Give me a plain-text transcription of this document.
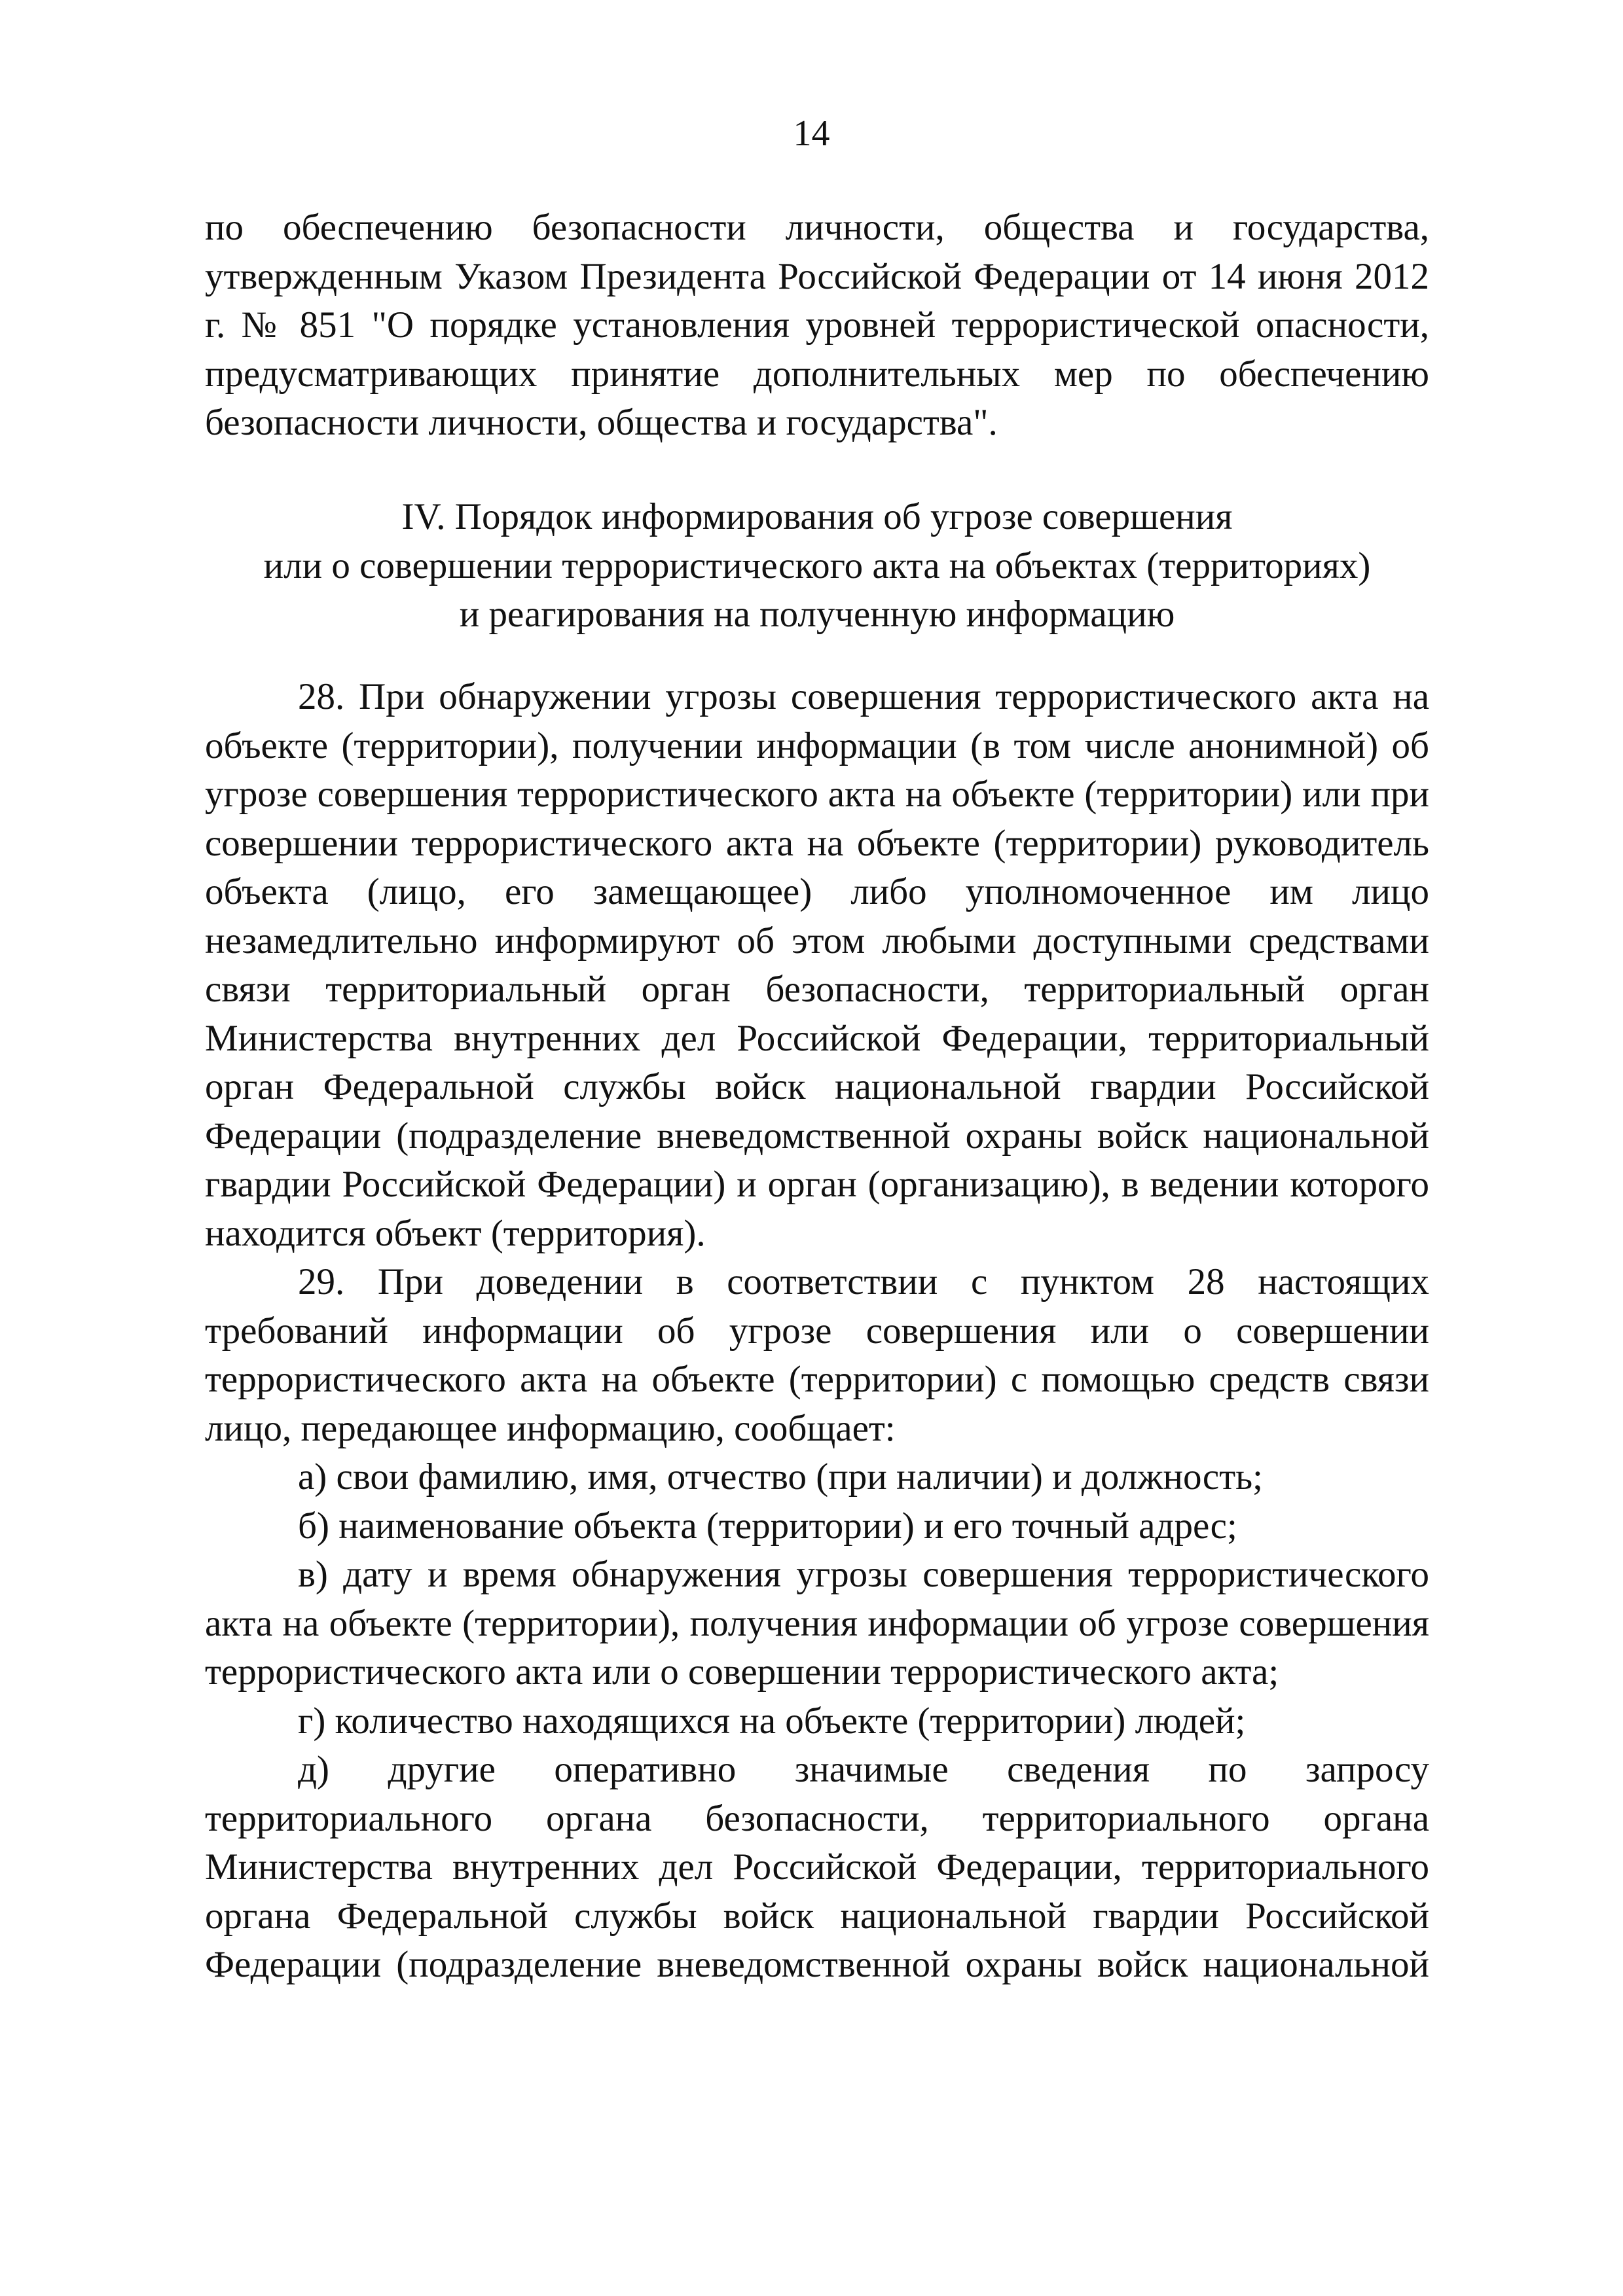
14

по обеспечению безопасности личности, общества и государства, утвержденным Указом Президента Российской Федерации от 14 июня 2012 г. № 851 "О порядке установления уровней террористической опасности, предусматривающих принятие дополнительных мер по обеспечению безопасности личности, общества и государства".

IV. Порядок информирования об угрозе совершения
или о совершении террористического акта на объектах (территориях)
и реагирования на полученную информацию

28. При обнаружении угрозы совершения террористического акта на объекте (территории), получении информации (в том числе анонимной) об угрозе совершения террористического акта на объекте (территории) или при совершении террористического акта на объекте (территории) руководитель объекта (лицо, его замещающее) либо уполномоченное им лицо незамедлительно информируют об этом любыми доступными средствами связи территориальный орган безопасности, территориальный орган Министерства внутренних дел Российской Федерации, территориальный орган Федеральной службы войск национальной гвардии Российской Федерации (подразделение вневедомственной охраны войск национальной гвардии Российской Федерации) и орган (организацию), в ведении которого находится объект (территория).

29. При доведении в соответствии с пунктом 28 настоящих требований информации об угрозе совершения или о совершении террористического акта на объекте (территории) с помощью средств связи лицо, передающее информацию, сообщает:

а) свои фамилию, имя, отчество (при наличии) и должность;

б) наименование объекта (территории) и его точный адрес;

в) дату и время обнаружения угрозы совершения террористического акта на объекте (территории), получения информации об угрозе совершения террористического акта или о совершении террористического акта;

г) количество находящихся на объекте (территории) людей;

д) другие оперативно значимые сведения по запросу территориального органа безопасности, территориального органа Министерства внутренних дел Российской Федерации, территориального органа Федеральной службы войск национальной гвардии Российской Федерации (подразделение вневедомственной охраны войск национальной
